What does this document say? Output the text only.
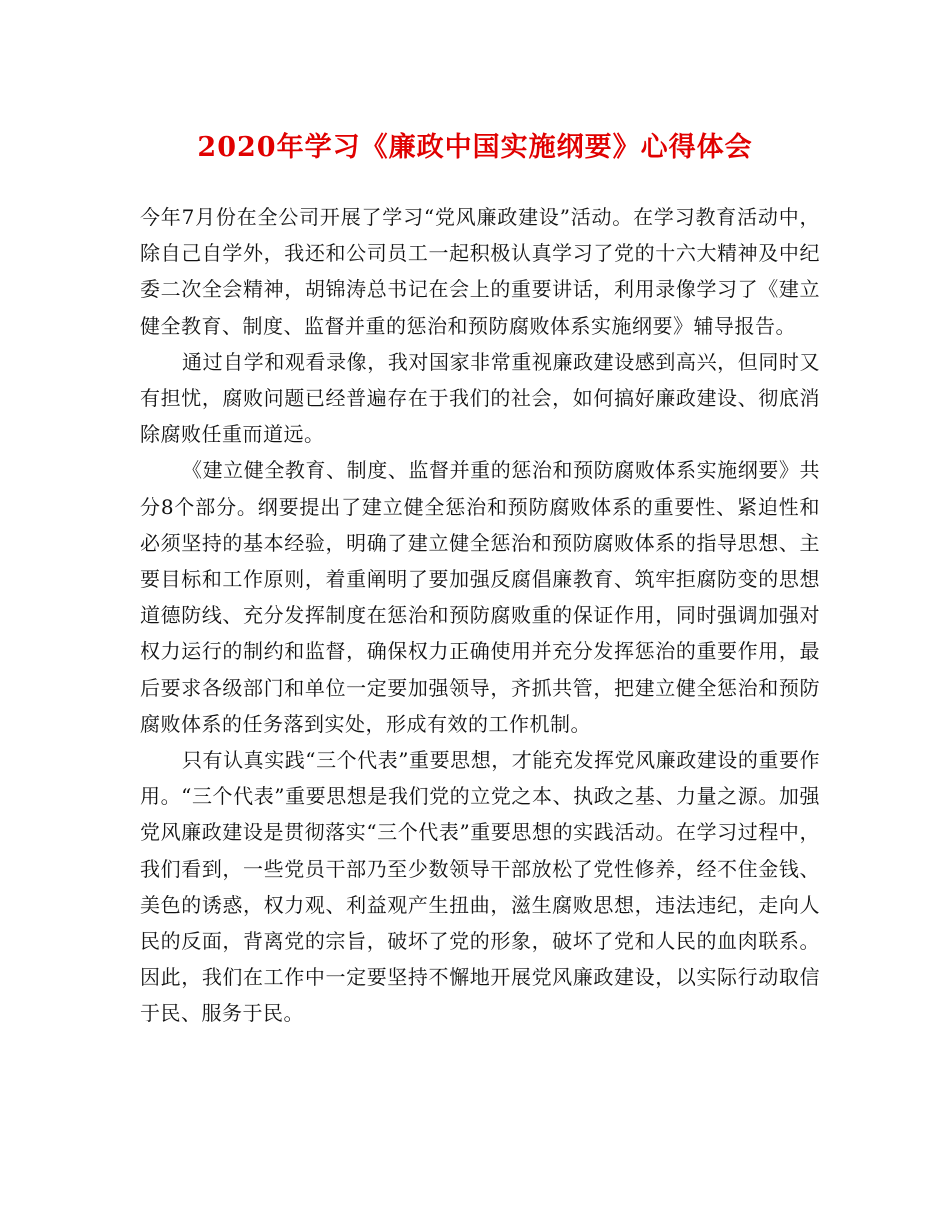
2020年学习《廉政中国实施纲要》心得体会

今年7月份在全公司开展了学习“党风廉政建设”活动。在学习教育活动中，除自己自学外，我还和公司员工一起积极认真学习了党的十六大精神及中纪委二次全会精神，胡锦涛总书记在会上的重要讲话，利用录像学习了《建立健全教育、制度、监督并重的惩治和预防腐败体系实施纲要》辅导报告。

通过自学和观看录像，我对国家非常重视廉政建设感到高兴，但同时又有担忧，腐败问题已经普遍存在于我们的社会，如何搞好廉政建设、彻底消除腐败任重而道远。

《建立健全教育、制度、监督并重的惩治和预防腐败体系实施纲要》共分8个部分。纲要提出了建立健全惩治和预防腐败体系的重要性、紧迫性和必须坚持的基本经验，明确了建立健全惩治和预防腐败体系的指导思想、主要目标和工作原则，着重阐明了要加强反腐倡廉教育、筑牢拒腐防变的思想道德防线、充分发挥制度在惩治和预防腐败重的保证作用，同时强调加强对权力运行的制约和监督，确保权力正确使用并充分发挥惩治的重要作用，最后要求各级部门和单位一定要加强领导，齐抓共管，把建立健全惩治和预防腐败体系的任务落到实处，形成有效的工作机制。

只有认真实践“三个代表”重要思想，才能充发挥党风廉政建设的重要作用。“三个代表”重要思想是我们党的立党之本、执政之基、力量之源。加强党风廉政建设是贯彻落实“三个代表”重要思想的实践活动。在学习过程中，我们看到，一些党员干部乃至少数领导干部放松了党性修养，经不住金钱、美色的诱惑，权力观、利益观产生扭曲，滋生腐败思想，违法违纪，走向人民的反面，背离党的宗旨，破坏了党的形象，破坏了党和人民的血肉联系。因此，我们在工作中一定要坚持不懈地开展党风廉政建设，以实际行动取信于民、服务于民。
